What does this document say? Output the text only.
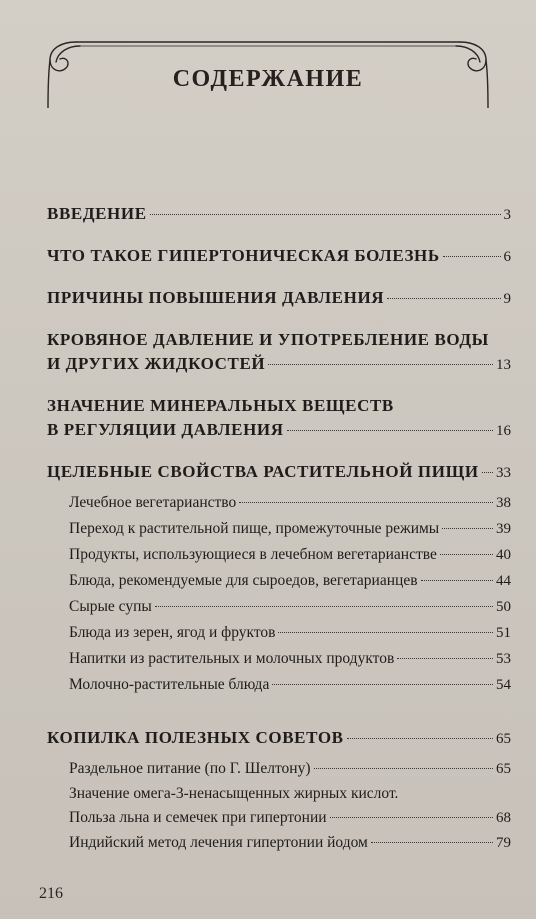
СОДЕРЖАНИЕ
ВВЕДЕНИЕ	3
ЧТО ТАКОЕ ГИПЕРТОНИЧЕСКАЯ БОЛЕЗНЬ	6
ПРИЧИНЫ ПОВЫШЕНИЯ ДАВЛЕНИЯ	9
КРОВЯНОЕ ДАВЛЕНИЕ И УПОТРЕБЛЕНИЕ ВОДЫ
И ДРУГИХ ЖИДКОСТЕЙ	13
ЗНАЧЕНИЕ МИНЕРАЛЬНЫХ ВЕЩЕСТВ
В РЕГУЛЯЦИИ ДАВЛЕНИЯ	16
ЦЕЛЕБНЫЕ СВОЙСТВА РАСТИТЕЛЬНОЙ ПИЩИ 33
Лечебное вегетарианство	38
Переход к растительной пище, промежуточные режимы	39
Продукты, использующиеся в лечебном вегетарианстве	40
Блюда, рекомендуемые для сыроедов, вегетарианцев	44
Сырые супы	50
Блюда из зерен, ягод и фруктов	51
Напитки из растительных и молочных продуктов	53
Молочно-растительные блюда	54
КОПИЛКА ПОЛЕЗНЫХ СОВЕТОВ	65
Раздельное питание (по Г. Шелтону)	65
Значение омега-3-ненасыщенных жирных кислот.
Польза льна и семечек при гипертонии	68
Индийский метод лечения гипертонии йодом	79
216
